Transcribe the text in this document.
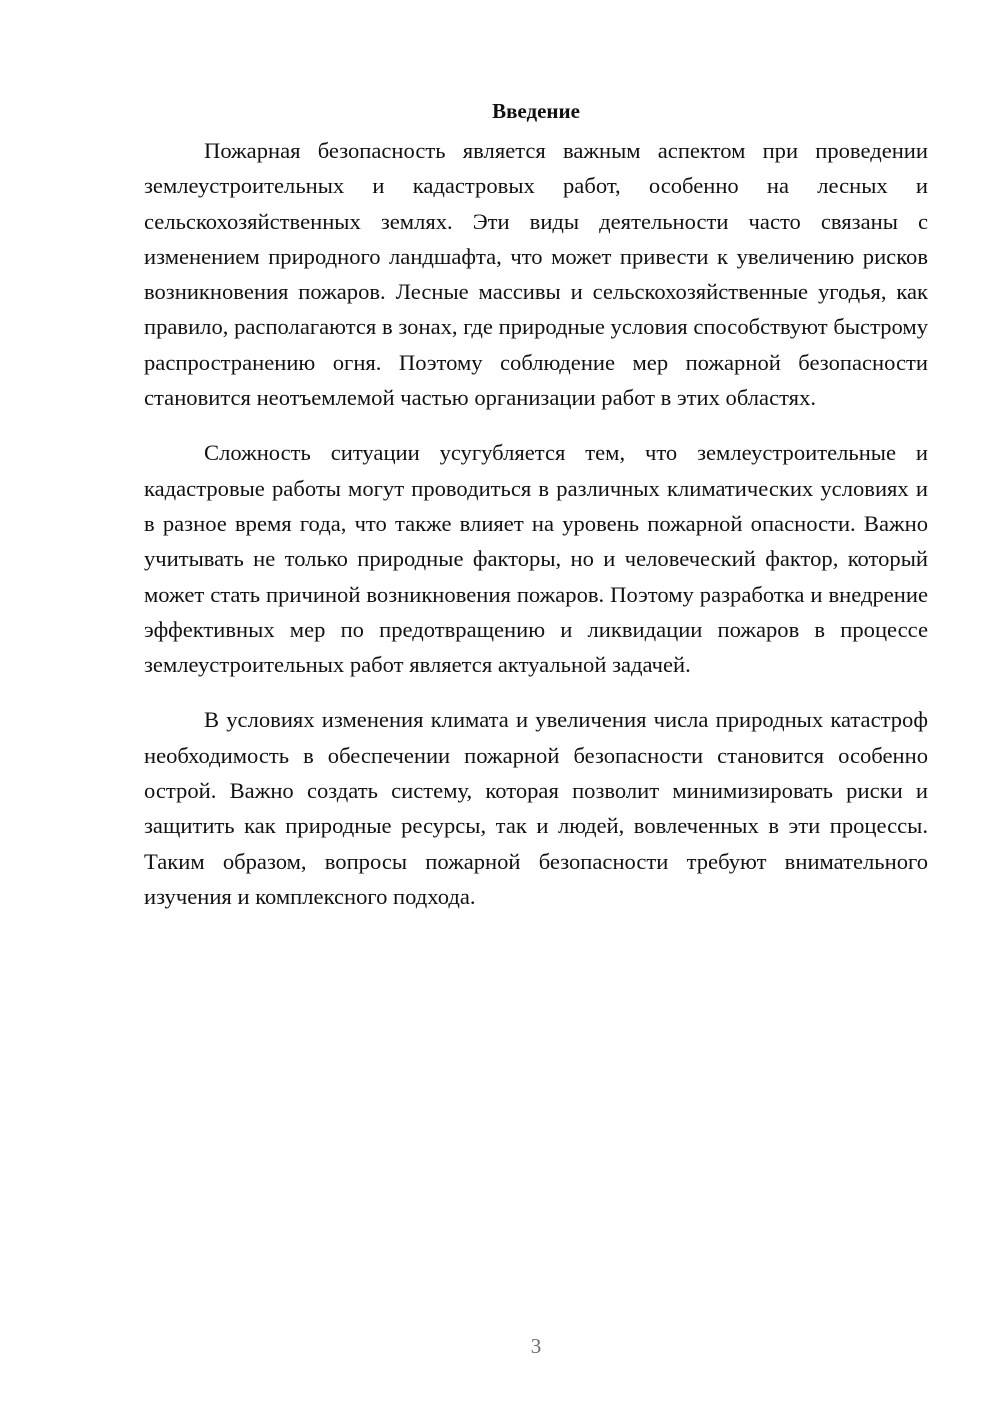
Введение

Пожарная безопасность является важным аспектом при проведении землеустроительных и кадастровых работ, особенно на лесных и сельскохозяйственных землях. Эти виды деятельности часто связаны с изменением природного ландшафта, что может привести к увеличению рисков возникновения пожаров. Лесные массивы и сельскохозяйственные угодья, как правило, располагаются в зонах, где природные условия способствуют быстрому распространению огня. Поэтому соблюдение мер пожарной безопасности становится неотъемлемой частью организации работ в этих областях.

Сложность ситуации усугубляется тем, что землеустроительные и кадастровые работы могут проводиться в различных климатических условиях и в разное время года, что также влияет на уровень пожарной опасности. Важно учитывать не только природные факторы, но и человеческий фактор, который может стать причиной возникновения пожаров. Поэтому разработка и внедрение эффективных мер по предотвращению и ликвидации пожаров в процессе землеустроительных работ является актуальной задачей.

В условиях изменения климата и увеличения числа природных катастроф необходимость в обеспечении пожарной безопасности становится особенно острой. Важно создать систему, которая позволит минимизировать риски и защитить как природные ресурсы, так и людей, вовлеченных в эти процессы. Таким образом, вопросы пожарной безопасности требуют внимательного изучения и комплексного подхода.

3
